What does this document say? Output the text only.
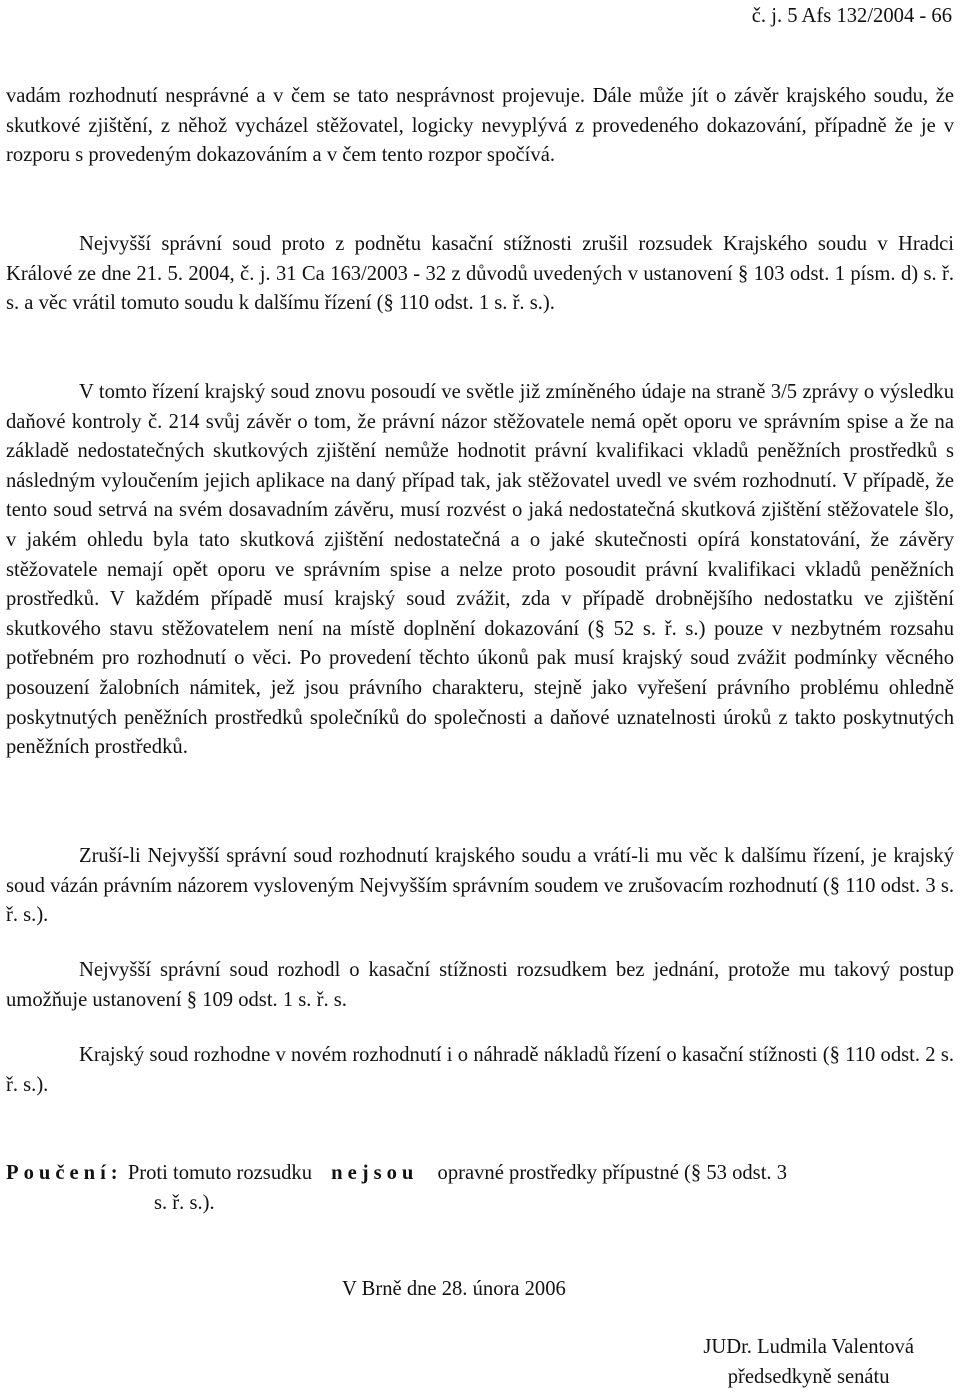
č. j. 5 Afs 132/2004 - 66

vadám rozhodnutí nesprávné a v čem se tato nesprávnost projevuje. Dále může jít o závěr krajského soudu, že skutkové zjištění, z něhož vycházel stěžovatel, logicky nevyplývá z provedeného dokazování, případně že je v rozporu s provedeným dokazováním a v čem tento rozpor spočívá.

Nejvyšší správní soud proto z podnětu kasační stížnosti zrušil rozsudek Krajského soudu v Hradci Králové ze dne 21. 5. 2004, č. j. 31 Ca 163/2003 - 32 z důvodů uvedených v ustanovení § 103 odst. 1 písm. d) s. ř. s. a věc vrátil tomuto soudu k dalšímu řízení (§ 110 odst. 1 s. ř. s.).

V tomto řízení krajský soud znovu posoudí ve světle již zmíněného údaje na straně 3/5 zprávy o výsledku daňové kontroly č. 214 svůj závěr o tom, že právní názor stěžovatele nemá opět oporu ve správním spise a že na základě nedostatečných skutkových zjištění nemůže hodnotit právní kvalifikaci vkladů peněžních prostředků s následným vyloučením jejich aplikace na daný případ tak, jak stěžovatel uvedl ve svém rozhodnutí. V případě, že tento soud setrvá na svém dosavadním závěru, musí rozvést o jaká nedostatečná skutková zjištění stěžovatele šlo, v jakém ohledu byla tato skutková zjištění nedostatečná a o jaké skutečnosti opírá konstatování, že závěry stěžovatele nemají opět oporu ve správním spise a nelze proto posoudit právní kvalifikaci vkladů peněžních prostředků. V každém případě musí krajský soud zvážit, zda v případě drobnějšího nedostatku ve zjištění skutkového stavu stěžovatelem není na místě doplnění dokazování (§ 52 s. ř. s.) pouze v nezbytném rozsahu potřebném pro rozhodnutí o věci. Po provedení těchto úkonů pak musí krajský soud zvážit podmínky věcného posouzení žalobních námitek, jež jsou právního charakteru, stejně jako vyřešení právního problému ohledně poskytnutých peněžních prostředků společníků do společnosti a daňové uznatelnosti úroků z takto poskytnutých peněžních prostředků.

Zruší-li Nejvyšší správní soud rozhodnutí krajského soudu a vrátí-li mu věc k dalšímu řízení, je krajský soud vázán právním názorem vysloveným Nejvyšším správním soudem ve zrušovacím rozhodnutí (§ 110 odst. 3 s. ř. s.).

Nejvyšší správní soud rozhodl o kasační stížnosti rozsudkem bez jednání, protože mu takový postup umožňuje ustanovení § 109 odst. 1 s. ř. s.

Krajský soud rozhodne v novém rozhodnutí i o náhradě nákladů řízení o kasační stížnosti (§ 110 odst. 2 s. ř. s.).

Poučení: Proti tomuto rozsudku nejsou opravné prostředky přípustné (§ 53 odst. 3
s. ř. s.).
V Brně dne 28. února 2006
JUDr. Ludmila Valentová
předsedkyně senátu
